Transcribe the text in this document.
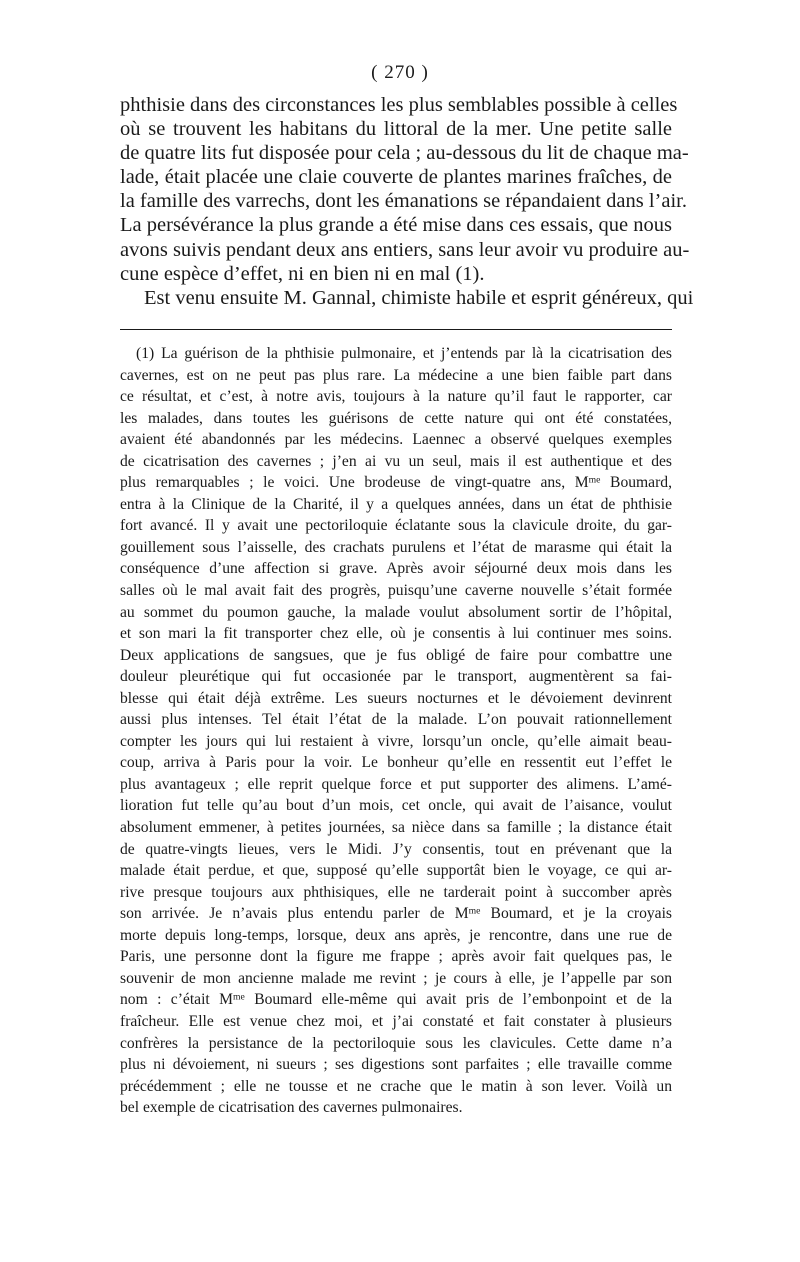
( 270 )
phthisie dans des circonstances les plus semblables possible à celles
où se trouvent les habitans du littoral de la mer. Une petite salle
de quatre lits fut disposée pour cela ; au-dessous du lit de chaque ma-
lade, était placée une claie couverte de plantes marines fraîches, de
la famille des varrechs, dont les émanations se répandaient dans l’air.
La persévérance la plus grande a été mise dans ces essais, que nous
avons suivis pendant deux ans entiers, sans leur avoir vu produire au-
cune espèce d’effet, ni en bien ni en mal (1).
Est venu ensuite M. Gannal, chimiste habile et esprit généreux, qui
(1) La guérison de la phthisie pulmonaire, et j’entends par là la cicatrisation des
cavernes, est on ne peut pas plus rare. La médecine a une bien faible part dans
ce résultat, et c’est, à notre avis, toujours à la nature qu’il faut le rapporter, car
les malades, dans toutes les guérisons de cette nature qui ont été constatées,
avaient été abandonnés par les médecins. Laennec a observé quelques exemples
de cicatrisation des cavernes ; j’en ai vu un seul, mais il est authentique et des
plus remarquables ; le voici. Une brodeuse de vingt-quatre ans, $M^{me}$ Boumard,
entra à la Clinique de la Charité, il y a quelques années, dans un état de phthisie
fort avancé. Il y avait une pectoriloquie éclatante sous la clavicule droite, du gar-
gouillement sous l’aisselle, des crachats purulens et l’état de marasme qui était la
conséquence d’une affection si grave. Après avoir séjourné deux mois dans les
salles où le mal avait fait des progrès, puisqu’une caverne nouvelle s’était formée
au sommet du poumon gauche, la malade voulut absolument sortir de l’hôpital,
et son mari la fit transporter chez elle, où je consentis à lui continuer mes soins.
Deux applications de sangsues, que je fus obligé de faire pour combattre une
douleur pleurétique qui fut occasionée par le transport, augmentèrent sa fai-
blesse qui était déjà extrême. Les sueurs nocturnes et le dévoiement devinrent
aussi plus intenses. Tel était l’état de la malade. L’on pouvait rationnellement
compter les jours qui lui restaient à vivre, lorsqu’un oncle, qu’elle aimait beau-
coup, arriva à Paris pour la voir. Le bonheur qu’elle en ressentit eut l’effet le
plus avantageux ; elle reprit quelque force et put supporter des alimens. L’amé-
lioration fut telle qu’au bout d’un mois, cet oncle, qui avait de l’aisance, voulut
absolument emmener, à petites journées, sa nièce dans sa famille ; la distance était
de quatre-vingts lieues, vers le Midi. J’y consentis, tout en prévenant que la
malade était perdue, et que, supposé qu’elle supportât bien le voyage, ce qui ar-
rive presque toujours aux phthisiques, elle ne tarderait point à succomber après
son arrivée. Je n’avais plus entendu parler de $M^{me}$ Boumard, et je la croyais
morte depuis long-temps, lorsque, deux ans après, je rencontre, dans une rue de
Paris, une personne dont la figure me frappe ; après avoir fait quelques pas, le
souvenir de mon ancienne malade me revint ; je cours à elle, je l’appelle par son
nom : c’était $M^{me}$ Boumard elle-même qui avait pris de l’embonpoint et de la
fraîcheur. Elle est venue chez moi, et j’ai constaté et fait constater à plusieurs
confrères la persistance de la pectoriloquie sous les clavicules. Cette dame n’a
plus ni dévoiement, ni sueurs ; ses digestions sont parfaites ; elle travaille comme
précédemment ; elle ne tousse et ne crache que le matin à son lever. Voilà un
bel exemple de cicatrisation des cavernes pulmonaires.
